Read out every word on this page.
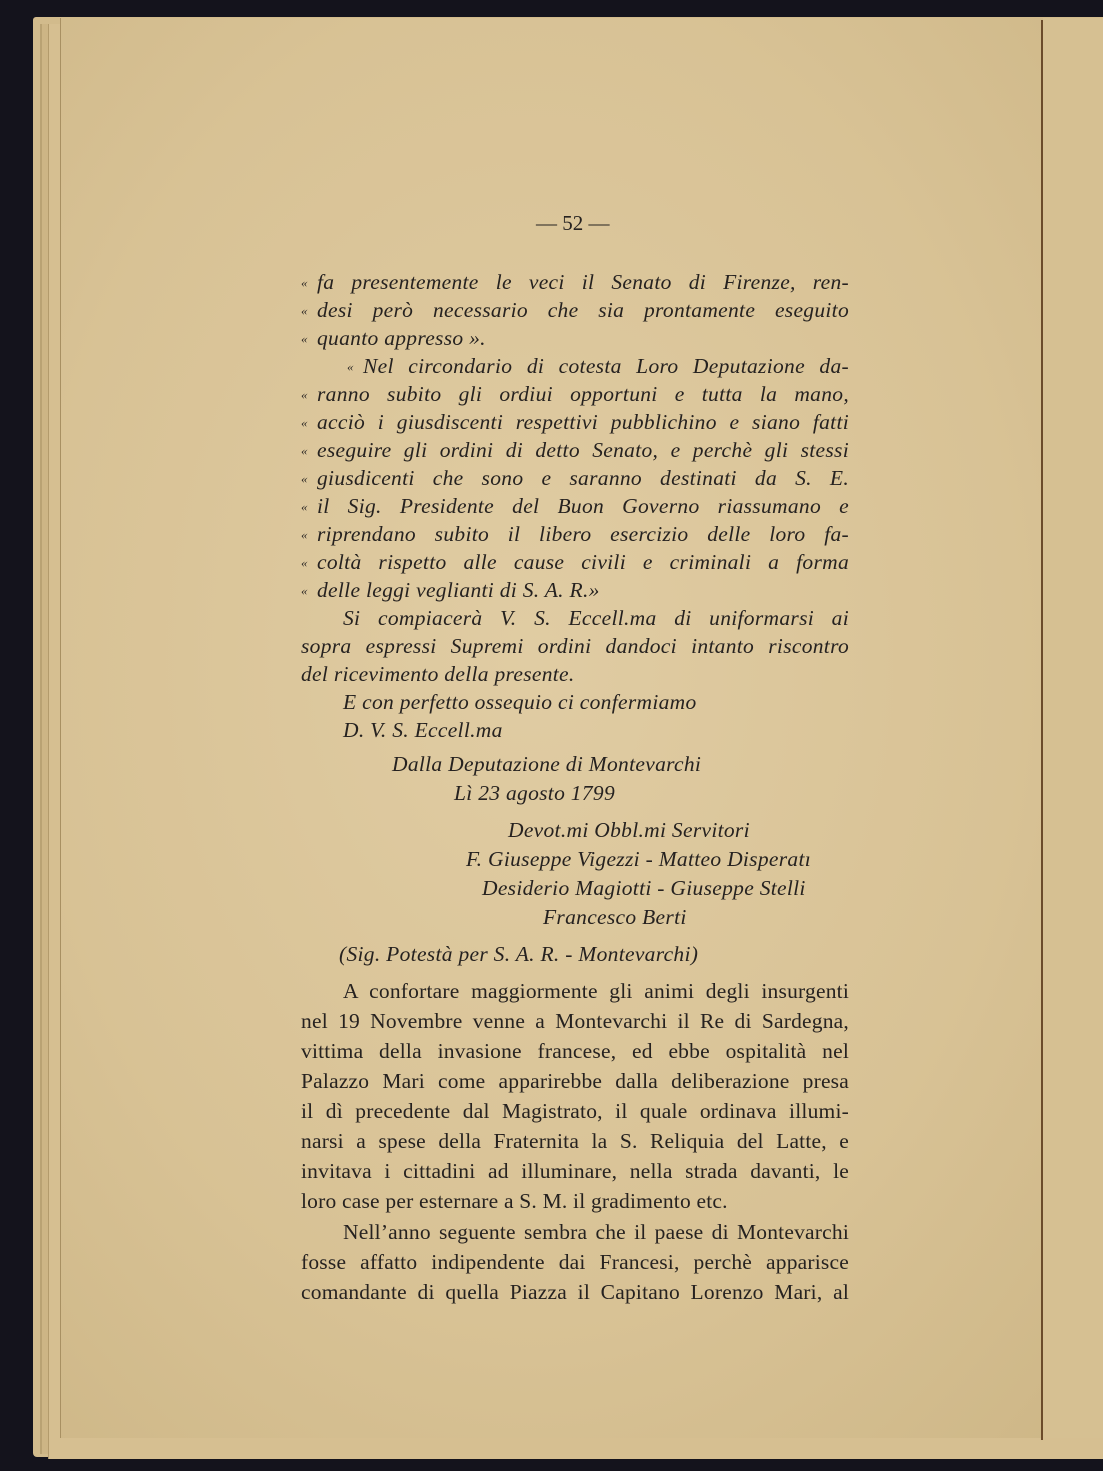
— 52 —
« fa presentemente le veci il Senato di Firenze, ren-
« desi però necessario che sia prontamente eseguito
« quanto appresso ».
« Nel circondario di cotesta Loro Deputazione da-
« ranno subito gli ordiui opportuni e tutta la mano,
« acciò i giusdiscenti respettivi pubblichino e siano fatti
« eseguire gli ordini di detto Senato, e perchè gli stessi
« giusdicenti che sono e saranno destinati da S. E.
« il Sig. Presidente del Buon Governo riassumano e
« riprendano subito il libero esercizio delle loro fa-
« coltà rispetto alle cause civili e criminali a forma
« delle leggi veglianti di S. A. R.»
Si compiacerà V. S. Eccell.ma di uniformarsi ai
sopra espressi Supremi ordini dandoci intanto riscontro
del ricevimento della presente.
E con perfetto ossequio ci confermiamo
D. V. S. Eccell.ma
Dalla Deputazione di Montevarchi
Lì 23 agosto 1799
Devot.mi Obbl.mi Servitori
F. Giuseppe Vigezzi - Matteo Disperatı
Desiderio Magiotti - Giuseppe Stelli
Francesco Berti
(Sig. Potestà per S. A. R. - Montevarchi)
A confortare maggiormente gli animi degli insurgenti
nel 19 Novembre venne a Montevarchi il Re di Sardegna,
vittima della invasione francese, ed ebbe ospitalità nel
Palazzo Mari come apparirebbe dalla deliberazione presa
il dì precedente dal Magistrato, il quale ordinava illumi-
narsi a spese della Fraternita la S. Reliquia del Latte, e
invitava i cittadini ad illuminare, nella strada davanti, le
loro case per esternare a S. M. il gradimento etc.
Nell’anno seguente sembra che il paese di Montevarchi
fosse affatto indipendente dai Francesi, perchè apparisce
comandante di quella Piazza il Capitano Lorenzo Mari, al
